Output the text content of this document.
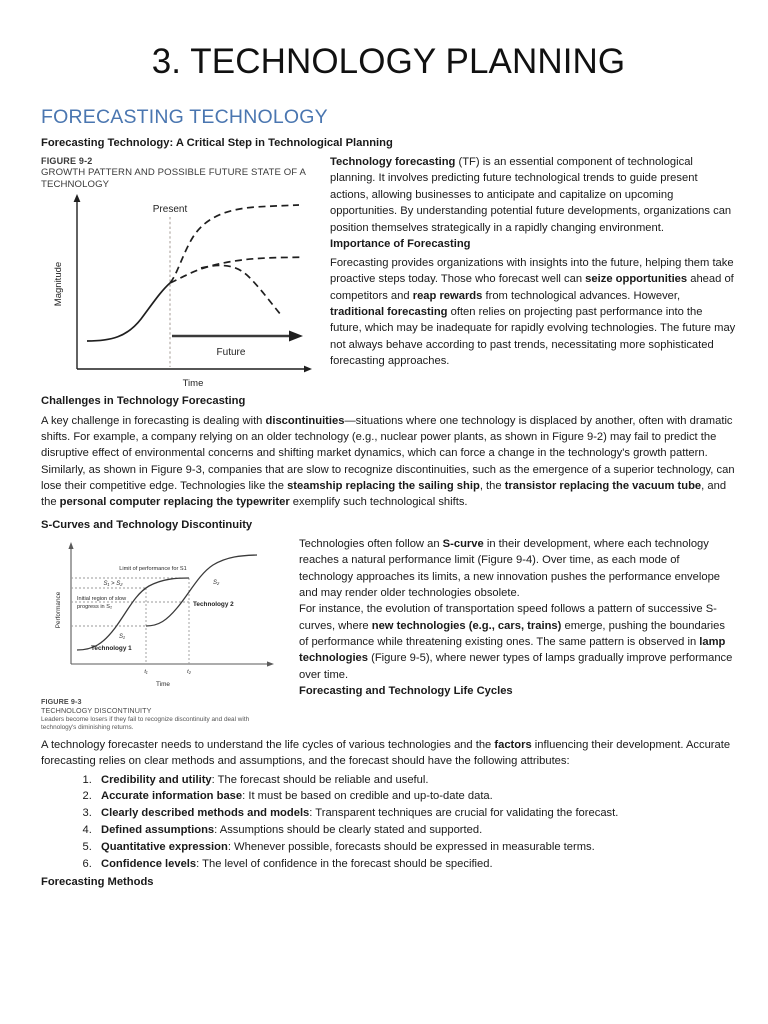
3. TECHNOLOGY PLANNING
FORECASTING TECHNOLOGY
Forecasting Technology: A Critical Step in Technological Planning
FIGURE 9-2
GROWTH PATTERN AND POSSIBLE FUTURE STATE OF A TECHNOLOGY
Present
Future
Time
Magnitude

Technology forecasting (TF) is an essential component of technological planning. It involves predicting future technological trends to guide present actions, allowing businesses to anticipate and capitalize on upcoming opportunities. By understanding potential future developments, organizations can position themselves strategically in a rapidly changing environment.

Importance of Forecasting

Forecasting provides organizations with insights into the future, helping them take proactive steps today. Those who forecast well can seize opportunities ahead of competitors and reap rewards from technological advances. However, traditional forecasting often relies on projecting past performance into the future, which may be inadequate for rapidly evolving technologies. The future may not always behave according to past trends, necessitating more sophisticated forecasting approaches.

Challenges in Technology Forecasting

A key challenge in forecasting is dealing with discontinuities—situations where one technology is displaced by another, often with dramatic shifts. For example, a company relying on an older technology (e.g., nuclear power plants, as shown in Figure 9-2) may fail to predict the disruptive effect of environmental concerns and shifting market dynamics, which can force a change in the technology's growth pattern.

Similarly, as shown in Figure 9-3, companies that are slow to recognize discontinuities, such as the emergence of a superior technology, can lose their competitive edge. Technologies like the steamship replacing the sailing ship, the transistor replacing the vacuum tube, and the personal computer replacing the typewriter exemplify such technological shifts.

S-Curves and Technology Discontinuity
Limit of performance for S1
S₁ > S₂
Initial region of slow
progress in S₂
S₁
S₂
Technology 1
Technology 2
t₁	t₂
Time
Performance
FIGURE 9-3
TECHNOLOGY DISCONTINUITY
Leaders become losers if they fail to recognize discontinuity and deal with technology's diminishing returns.

Technologies often follow an S-curve in their development, where each technology reaches a natural performance limit (Figure 9-4). Over time, as each mode of technology approaches its limits, a new innovation pushes the performance envelope and may render older technologies obsolete.

For instance, the evolution of transportation speed follows a pattern of successive S-curves, where new technologies (e.g., cars, trains) emerge, pushing the boundaries of performance while threatening existing ones. The same pattern is observed in lamp technologies (Figure 9-5), where newer types of lamps gradually improve performance over time.

Forecasting and Technology Life Cycles

A technology forecaster needs to understand the life cycles of various technologies and the factors influencing their development. Accurate forecasting relies on clear methods and assumptions, and the forecast should have the following attributes:

1. Credibility and utility: The forecast should be reliable and useful.
2. Accurate information base: It must be based on credible and up-to-date data.
3. Clearly described methods and models: Transparent techniques are crucial for validating the forecast.
4. Defined assumptions: Assumptions should be clearly stated and supported.
5. Quantitative expression: Whenever possible, forecasts should be expressed in measurable terms.
6. Confidence levels: The level of confidence in the forecast should be specified.
Forecasting Methods
